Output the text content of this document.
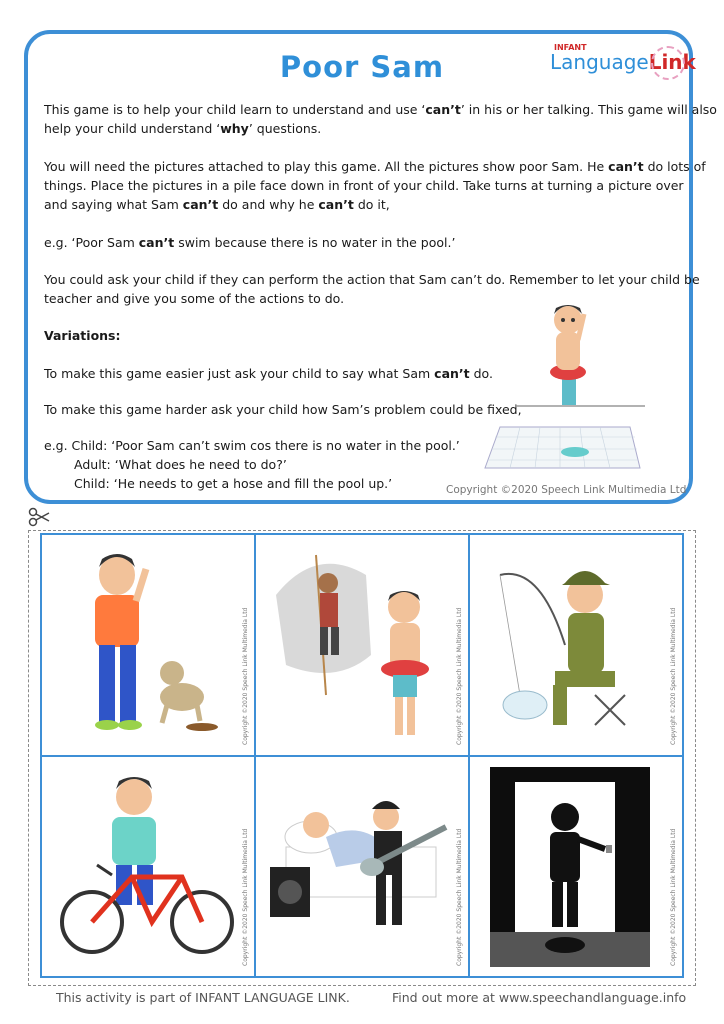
Poor Sam
INFANT
LanguageLink

This game is to help your child learn to understand and use ‘can’t’ in his or her talking. This game will also
help your child understand ‘why’ questions.

You will need the pictures attached to play this game. All the pictures show poor Sam. He can’t do lots of
things. Place the pictures in a pile face down in front of your child. Take turns at turning a picture over
and saying what Sam can’t do and why he can’t do it,

e.g. ‘Poor Sam can’t swim because there is no water in the pool.’

You could ask your child if they can perform the action that Sam can’t do. Remember to let your child be
teacher and give you some of the actions to do.

Variations:

To make this game easier just ask your child to say what Sam can’t do.

To make this game harder ask your child how Sam’s problem could be fixed,

e.g. Child: ‘Poor Sam can’t swim cos there is no water in the pool.’

Adult: ‘What does he need to do?’

Child: ‘He needs to get a hose and fill the pool up.’	Copyright ©2020 Speech Link Multimedia Ltd
Copyright ©2020 Speech Link Multimedia Ltd	Copyright ©2020 Speech Link Multimedia Ltd	Copyright ©2020 Speech Link Multimedia Ltd
Copyright ©2020 Speech Link Multimedia Ltd	Copyright ©2020 Speech Link Multimedia Ltd	Copyright ©2020 Speech Link Multimedia Ltd
This activity is part of INFANT LANGUAGE LINK.	Find out more at www.speechandlanguage.info
